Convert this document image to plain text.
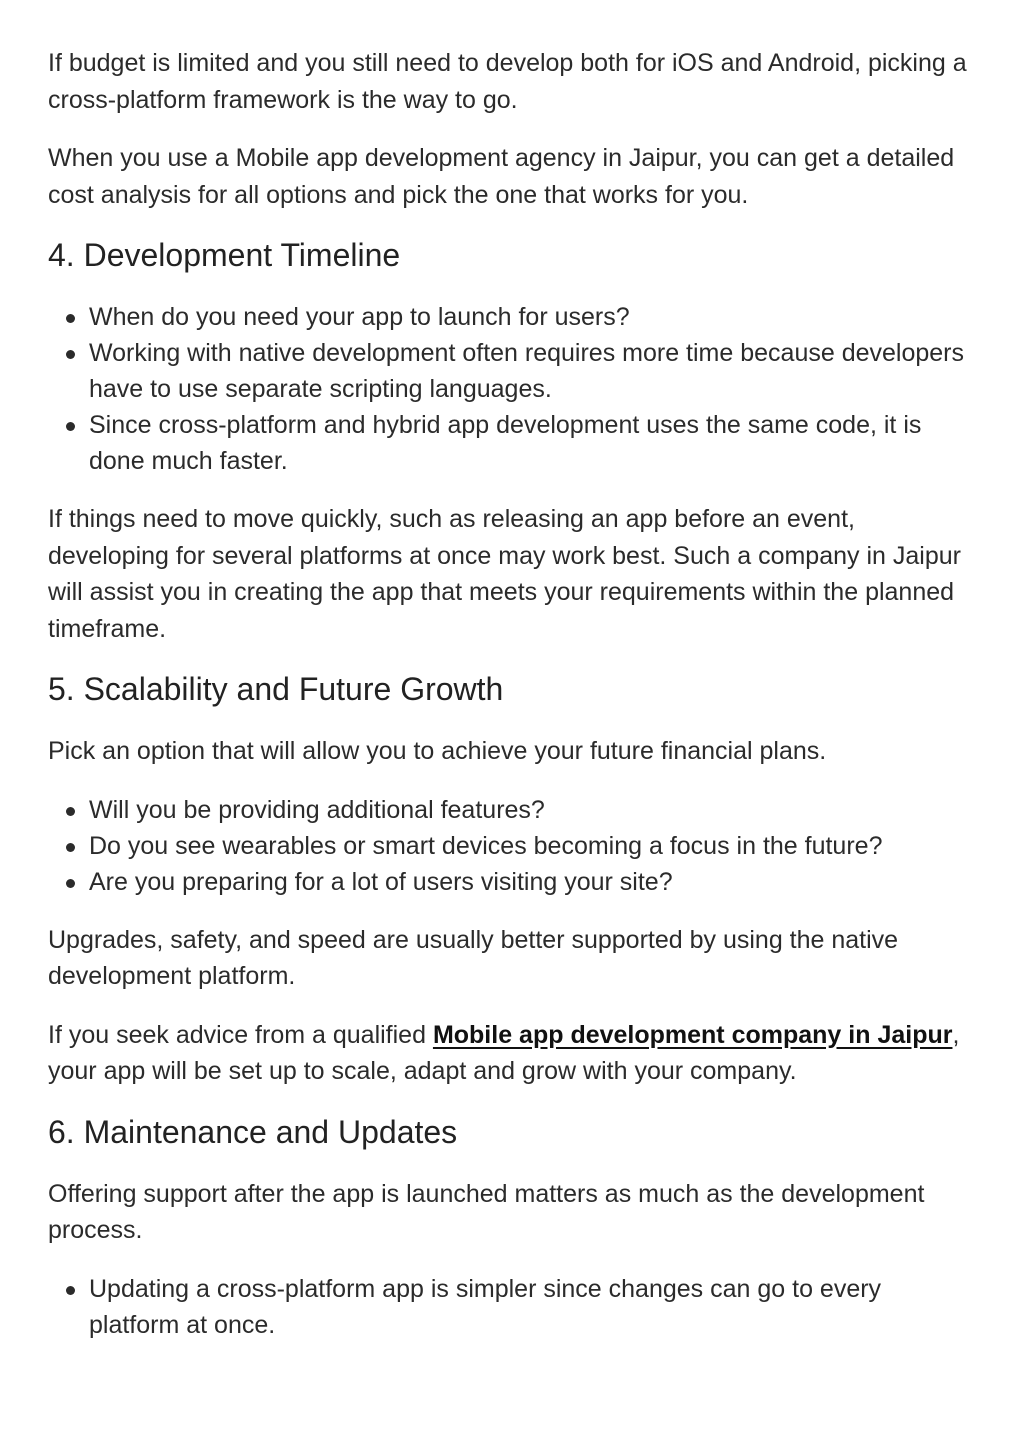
If budget is limited and you still need to develop both for iOS and Android, picking a cross-platform framework is the way to go.

When you use a Mobile app development agency in Jaipur, you can get a detailed cost analysis for all options and pick the one that works for you.

4. Development Timeline
When do you need your app to launch for users?
Working with native development often requires more time because developers have to use separate scripting languages.
Since cross-platform and hybrid app development uses the same code, it is done much faster.

If things need to move quickly, such as releasing an app before an event, developing for several platforms at once may work best. Such a company in Jaipur will assist you in creating the app that meets your requirements within the planned timeframe.

5. Scalability and Future Growth

Pick an option that will allow you to achieve your future financial plans.

Will you be providing additional features?
Do you see wearables or smart devices becoming a focus in the future?
Are you preparing for a lot of users visiting your site?

Upgrades, safety, and speed are usually better supported by using the native development platform.

If you seek advice from a qualified Mobile app development company in Jaipur, your app will be set up to scale, adapt and grow with your company.

6. Maintenance and Updates

Offering support after the app is launched matters as much as the development process.

Updating a cross-platform app is simpler since changes can go to every platform at once.
